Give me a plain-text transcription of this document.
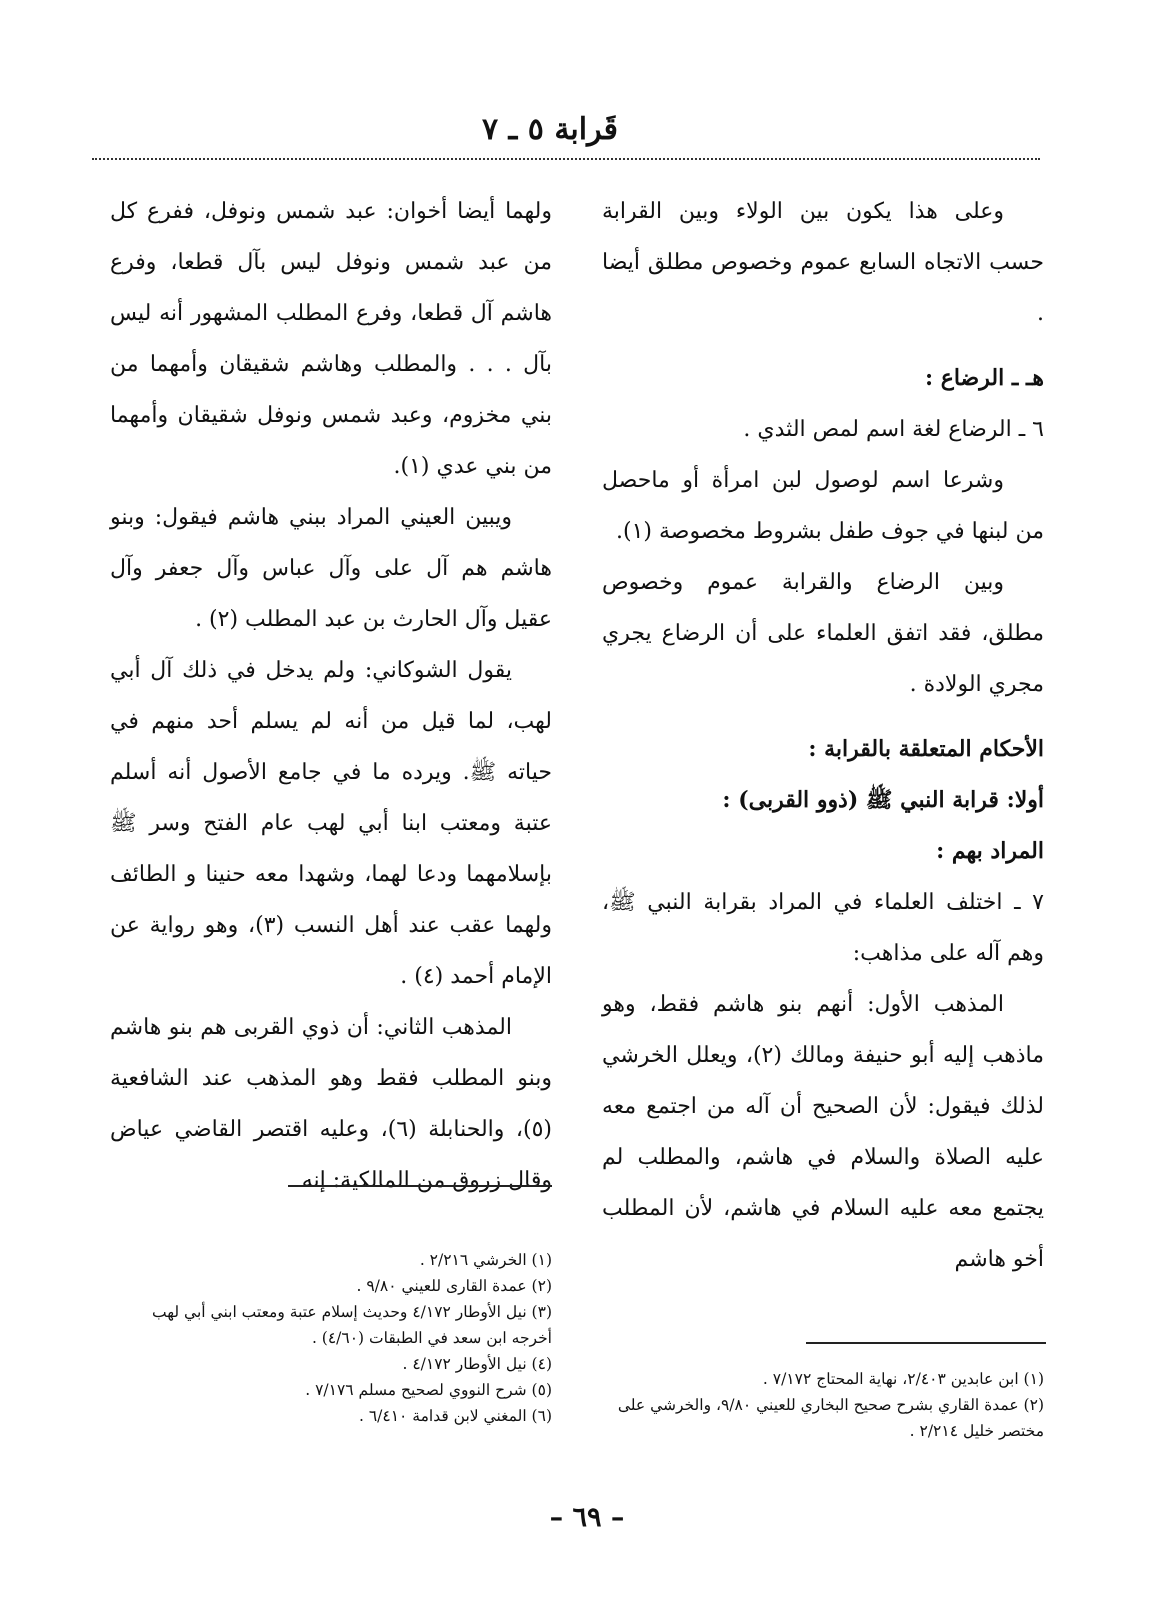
قَرابة ٥ ـ ٧

وعلى هذا يكون بين الولاء وبين القرابة حسب الاتجاه السابع عموم وخصوص مطلق أيضا .

هـ ـ الرضاع :

٦ ـ الرضاع لغة اسم لمص الثدي .

وشرعا اسم لوصول لبن امرأة أو ماحصل من لبنها في جوف طفل بشروط مخصوصة (١).

وبين الرضاع والقرابة عموم وخصوص مطلق، فقد اتفق العلماء على أن الرضاع يجري مجري الولادة .

الأحكام المتعلقة بالقرابة :

أولا: قرابة النبي ﷺ (ذوو القربى) :

المراد بهم :

٧ ـ اختلف العلماء في المراد بقرابة النبي ﷺ، وهم آله على مذاهب:

المذهب الأول: أنهم بنو هاشم فقط، وهو ماذهب إليه أبو حنيفة ومالك (٢)، ويعلل الخرشي لذلك فيقول: لأن الصحيح أن آله من اجتمع معه عليه الصلاة والسلام في هاشم، والمطلب لم يجتمع معه عليه السلام في هاشم، لأن المطلب أخو هاشم

ولهما أيضا أخوان: عبد شمس ونوفل، ففرع كل من عبد شمس ونوفل ليس بآل قطعا، وفرع هاشم آل قطعا، وفرع المطلب المشهور أنه ليس بآل . . . والمطلب وهاشم شقيقان وأمهما من بني مخزوم، وعبد شمس ونوفل شقيقان وأمهما من بني عدي (١).

ويبين العيني المراد ببني هاشم فيقول: وبنو هاشم هم آل على وآل عباس وآل جعفر وآل عقيل وآل الحارث بن عبد المطلب (٢) .

يقول الشوكاني: ولم يدخل في ذلك آل أبي لهب، لما قيل من أنه لم يسلم أحد منهم في حياته ﷺ. ويرده ما في جامع الأصول أنه أسلم عتبة ومعتب ابنا أبي لهب عام الفتح وسر ﷺ بإسلامهما ودعا لهما، وشهدا معه حنينا و الطائف ولهما عقب عند أهل النسب (٣)، وهو رواية عن الإمام أحمد (٤) .

المذهب الثاني: أن ذوي القربى هم بنو هاشم وبنو المطلب فقط وهو المذهب عند الشافعية (٥)، والحنابلة (٦)، وعليه اقتصر القاضي عياض وقال زروق من المالكية: إنه

(١) الخرشي ٢/٢١٦ .

(٢) عمدة القارى للعيني ٩/٨٠ .

(٣) نيل الأوطار ٤/١٧٢ وحديث إسلام عتبة ومعتب ابني أبي لهب أخرجه ابن سعد في الطبقات (٤/٦٠) .

(٤) نيل الأوطار ٤/١٧٢ .

(٥) شرح النووي لصحيح مسلم ٧/١٧٦ .

(٦) المغني لابن قدامة ٦/٤١٠ .

(١) ابن عابدين ٢/٤٠٣، نهاية المحتاج ٧/١٧٢ .

(٢) عمدة القاري بشرح صحيح البخاري للعيني ٩/٨٠، والخرشي على مختصر خليل ٢/٢١٤ .

– ٦٩ –
